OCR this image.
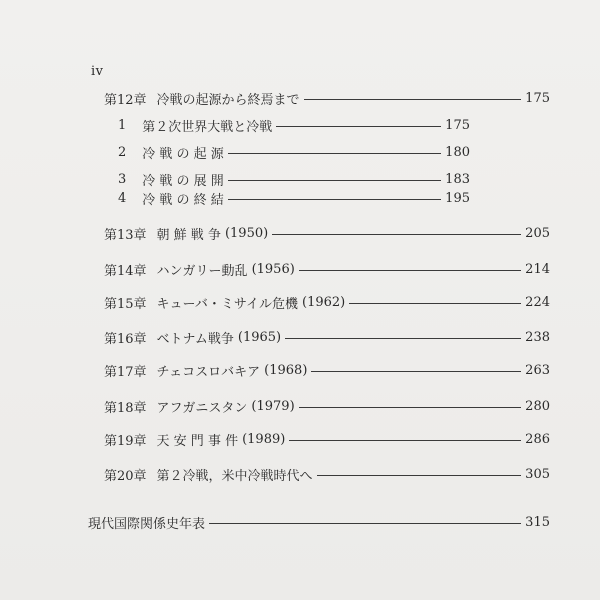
iv
第12章 冷戦の起源から終焉まで	175
1 第２次世界大戦と冷戦	175
2 冷 戦 の 起 源	180
3 冷 戦 の 展 開	183
4 冷 戦 の 終 結	195
第13章 朝 鮮 戦 争 (1950)	205
第14章 ハンガリー動乱 (1956)	214
第15章 キューバ・ミサイル危機 (1962)	224
第16章 ベトナム戦争 (1965)	238
第17章 チェコスロバキア (1968)	263
第18章 アフガニスタン (1979)	280
第19章 天 安 門 事 件 (1989)	286
第20章 第２冷戦，米中冷戦時代へ	305
現代国際関係史年表	315
